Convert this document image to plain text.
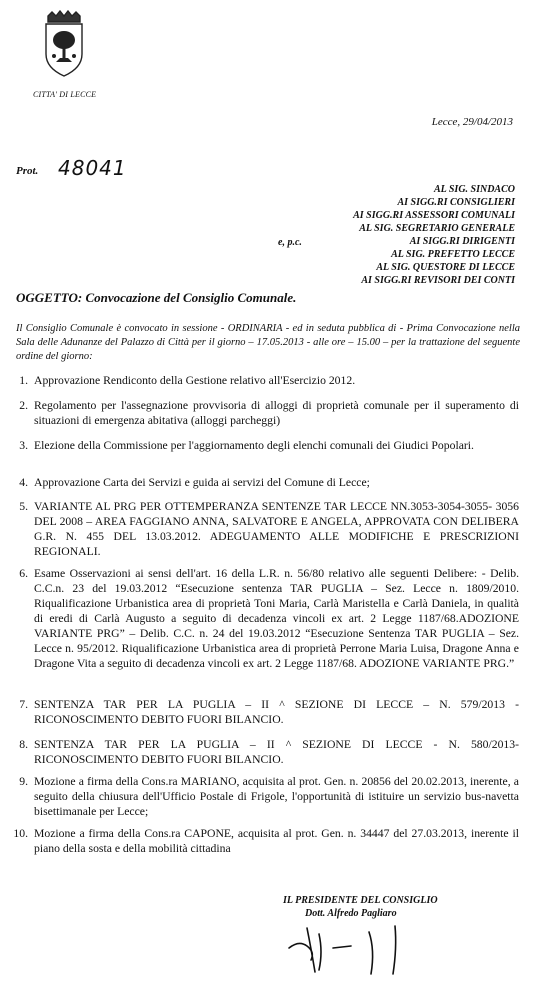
CITTA' DI LECCE
Lecce, 29/04/2013
Prot. 48041
AL SIG. SINDACO
AI SIGG.RI CONSIGLIERI
AI SIGG.RI ASSESSORI COMUNALI
AL SIG. SEGRETARIO GENERALE
AI SIGG.RI DIRIGENTI
AL SIG. PREFETTO LECCE
AL SIG. QUESTORE DI LECCE
AI SIGG.RI REVISORI DEI CONTI
e, p.c.
OGGETTO: Convocazione del Consiglio Comunale.
Il Consiglio Comunale è convocato in sessione - ORDINARIA - ed in seduta pubblica di - Prima Convocazione nella Sala delle Adunanze del Palazzo di Città per il giorno – 17.05.2013 - alle ore – 15.00 – per la trattazione del seguente ordine del giorno:
1. Approvazione Rendiconto della Gestione relativo all'Esercizio 2012.
2. Regolamento per l'assegnazione provvisoria di alloggi di proprietà comunale per il superamento di situazioni di emergenza abitativa (alloggi parcheggi)
3. Elezione della Commissione per l'aggiornamento degli elenchi comunali dei Giudici Popolari.
4. Approvazione Carta dei Servizi e guida ai servizi del Comune di Lecce;
5. VARIANTE AL PRG PER OTTEMPERANZA SENTENZE TAR LECCE NN.3053-3054-3055- 3056 DEL 2008 – AREA FAGGIANO ANNA, SALVATORE E ANGELA, APPROVATA CON DELIBERA G.R. N. 455 DEL 13.03.2012. ADEGUAMENTO ALLE MODIFICHE E PRESCRIZIONI REGIONALI.
6. Esame Osservazioni ai sensi dell'art. 16 della L.R. n. 56/80 relativo alle seguenti Delibere: - Delib. C.C.n. 23 del 19.03.2012 “Esecuzione sentenza TAR PUGLIA – Sez. Lecce n. 1809/2010. Riqualificazione Urbanistica area di proprietà Toni Maria, Carlà Maristella e Carlà Daniela, in qualità di eredi di Carlà Augusto a seguito di decadenza vincoli ex art. 2 Legge 1187/68.ADOZIONE VARIANTE PRG” – Delib. C.C. n. 24 del 19.03.2012 “Esecuzione Sentenza TAR PUGLIA – Sez. Lecce n. 95/2012. Riqualificazione Urbanistica area di proprietà Perrone Maria Luisa, Dragone Anna e Dragone Vita a seguito di decadenza vincoli ex art. 2 Legge 1187/68. ADOZIONE VARIANTE PRG.”
7. SENTENZA TAR PER LA PUGLIA – II ^ SEZIONE DI LECCE – N. 579/2013 - RICONOSCIMENTO DEBITO FUORI BILANCIO.
8. SENTENZA TAR PER LA PUGLIA – II ^ SEZIONE DI LECCE - N. 580/2013- RICONOSCIMENTO DEBITO FUORI BILANCIO.
9. Mozione a firma della Cons.ra MARIANO, acquisita al prot. Gen. n. 20856 del 20.02.2013, inerente, a seguito della chiusura dell'Ufficio Postale di Frigole, l'opportunità di istituire un servizio bus-navetta bisettimanale per Lecce;
10. Mozione a firma della Cons.ra CAPONE, acquisita al prot. Gen. n. 34447 del 27.03.2013, inerente il piano della sosta e della mobilità cittadina
IL PRESIDENTE DEL CONSIGLIO
Dott. Alfredo Pagliaro
